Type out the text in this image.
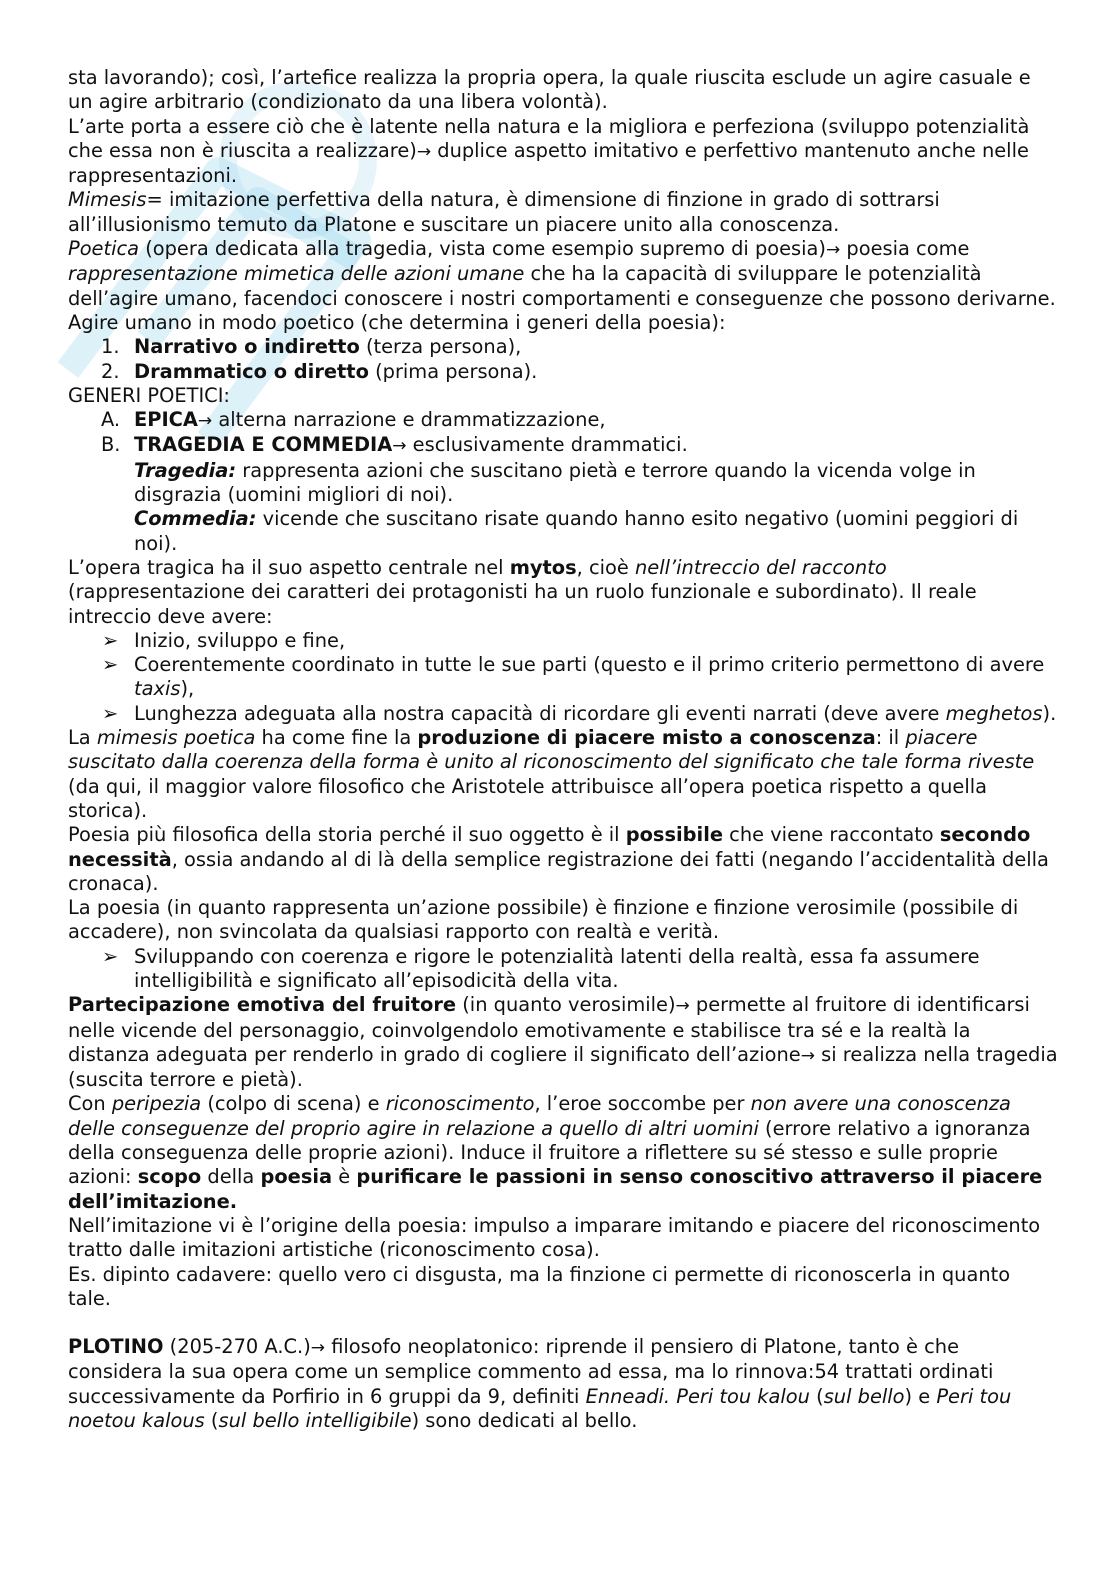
sta lavorando); così, l’artefice realizza la propria opera, la quale riuscita esclude un agire casuale e un agire arbitrario (condizionato da una libera volontà).

L’arte porta a essere ciò che è latente nella natura e la migliora e perfeziona (sviluppo potenzialità che essa non è riuscita a realizzare)→ duplice aspetto imitativo e perfettivo mantenuto anche nelle rappresentazioni.

Mimesis= imitazione perfettiva della natura, è dimensione di finzione in grado di sottrarsi all’illusionismo temuto da Platone e suscitare un piacere unito alla conoscenza.

Poetica (opera dedicata alla tragedia, vista come esempio supremo di poesia)→ poesia come rappresentazione mimetica delle azioni umane che ha la capacità di sviluppare le potenzialità dell’agire umano, facendoci conoscere i nostri comportamenti e conseguenze che possono derivarne.

Agire umano in modo poetico (che determina i generi della poesia):

1. Narrativo o indiretto (terza persona),

2. Drammatico o diretto (prima persona).

GENERI POETICI:

A. EPICA→ alterna narrazione e drammatizzazione,

B. TRAGEDIA E COMMEDIA→ esclusivamente drammatici.

Tragedia: rappresenta azioni che suscitano pietà e terrore quando la vicenda volge in disgrazia (uomini migliori di noi).

Commedia: vicende che suscitano risate quando hanno esito negativo (uomini peggiori di noi).

L’opera tragica ha il suo aspetto centrale nel mytos, cioè nell’intreccio del racconto (rappresentazione dei caratteri dei protagonisti ha un ruolo funzionale e subordinato). Il reale intreccio deve avere:

➢ Inizio, sviluppo e fine,

➢ Coerentemente coordinato in tutte le sue parti (questo e il primo criterio permettono di avere taxis),

➢ Lunghezza adeguata alla nostra capacità di ricordare gli eventi narrati (deve avere meghetos).

La mimesis poetica ha come fine la produzione di piacere misto a conoscenza: il piacere suscitato dalla coerenza della forma è unito al riconoscimento del significato che tale forma riveste (da qui, il maggior valore filosofico che Aristotele attribuisce all’opera poetica rispetto a quella storica).

Poesia più filosofica della storia perché il suo oggetto è il possibile che viene raccontato secondo necessità, ossia andando al di là della semplice registrazione dei fatti (negando l’accidentalità della cronaca).

La poesia (in quanto rappresenta un’azione possibile) è finzione e finzione verosimile (possibile di accadere), non svincolata da qualsiasi rapporto con realtà e verità.

➢ Sviluppando con coerenza e rigore le potenzialità latenti della realtà, essa fa assumere intelligibilità e significato all’episodicità della vita.

Partecipazione emotiva del fruitore (in quanto verosimile)→ permette al fruitore di identificarsi nelle vicende del personaggio, coinvolgendolo emotivamente e stabilisce tra sé e la realtà la distanza adeguata per renderlo in grado di cogliere il significato dell’azione→ si realizza nella tragedia (suscita terrore e pietà).

Con peripezia (colpo di scena) e riconoscimento, l’eroe soccombe per non avere una conoscenza delle conseguenze del proprio agire in relazione a quello di altri uomini (errore relativo a ignoranza della conseguenza delle proprie azioni). Induce il fruitore a riflettere su sé stesso e sulle proprie azioni: scopo della poesia è purificare le passioni in senso conoscitivo attraverso il piacere dell’imitazione.

Nell’imitazione vi è l’origine della poesia: impulso a imparare imitando e piacere del riconoscimento tratto dalle imitazioni artistiche (riconoscimento cosa).

Es. dipinto cadavere: quello vero ci disgusta, ma la finzione ci permette di riconoscerla in quanto tale.

PLOTINO (205-270 A.C.)→ filosofo neoplatonico: riprende il pensiero di Platone, tanto è che considera la sua opera come un semplice commento ad essa, ma lo rinnova:54 trattati ordinati successivamente da Porfirio in 6 gruppi da 9, definiti Enneadi. Peri tou kalou (sul bello) e Peri tou noetou kalous (sul bello intelligibile) sono dedicati al bello.
